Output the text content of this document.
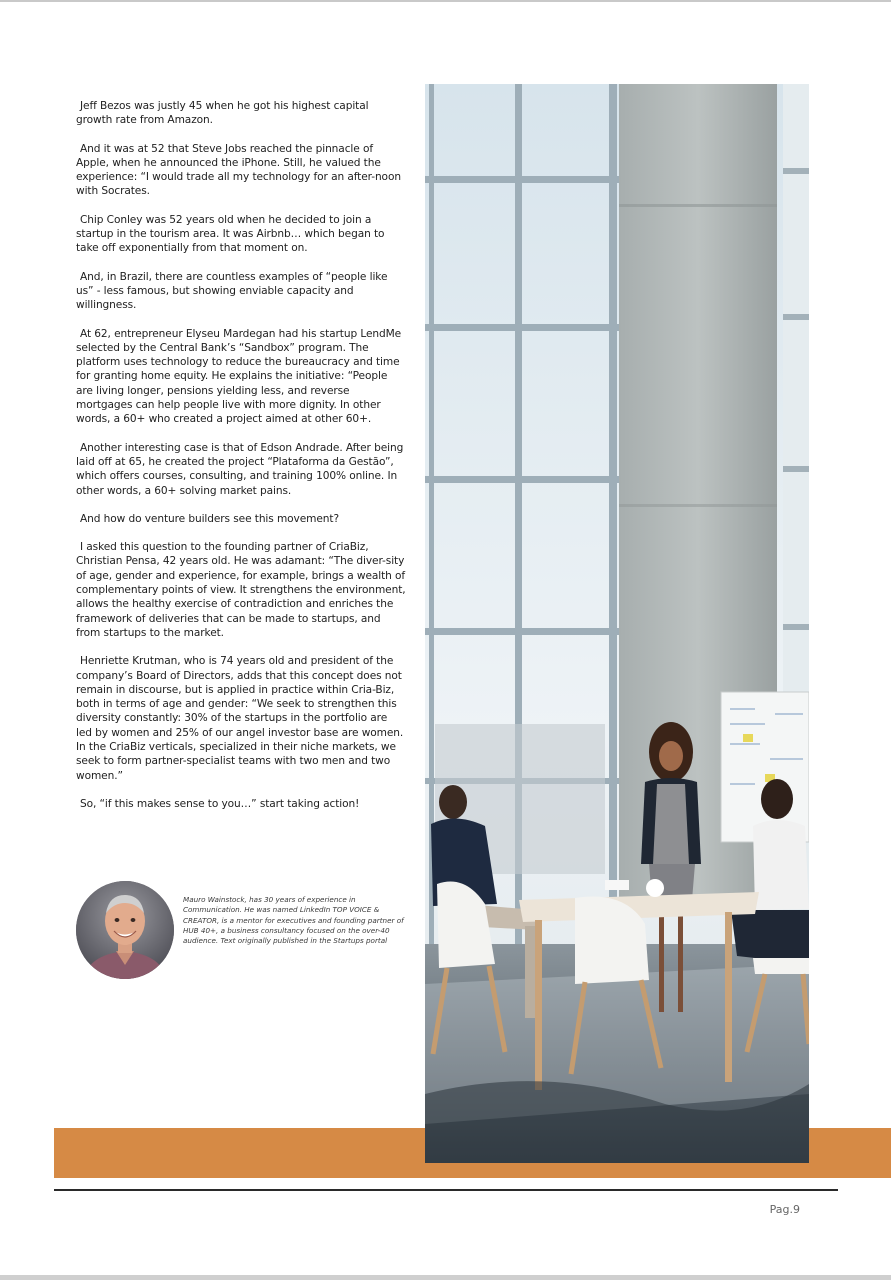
Jeff Bezos was justly 45 when he got his highest capital growth rate from Amazon.

And it was at 52 that Steve Jobs reached the pinnacle of Apple, when he announced the iPhone. Still, he valued the experience: “I would trade all my technology for an after-noon with Socrates.

Chip Conley was 52 years old when he decided to join a startup in the tourism area. It was Airbnb… which began to take off exponentially from that moment on.

And, in Brazil, there are countless examples of “people like us” - less famous, but showing enviable capacity and willingness.

At 62, entrepreneur Elyseu Mardegan had his startup LendMe selected by the Central Bank’s “Sandbox” program. The platform uses technology to reduce the bureaucracy and time for granting home equity. He explains the initiative: “People are living longer, pensions yielding less, and reverse mortgages can help people live with more dignity. In other words, a 60+ who created a project aimed at other 60+.

Another interesting case is that of Edson Andrade. After being laid off at 65, he created the project “Plataforma da Gestão”, which offers courses, consulting, and training 100% online. In other words, a 60+ solving market pains.

And how do venture builders see this movement?

I asked this question to the founding partner of CriaBiz, Christian Pensa, 42 years old. He was adamant: “The diver-sity of age, gender and experience, for example, brings a wealth of complementary points of view. It strengthens the environment, allows the healthy exercise of contradiction and enriches the framework of deliveries that can be made to startups, and from startups to the market.

Henriette Krutman, who is 74 years old and president of the company’s Board of Directors, adds that this concept does not remain in discourse, but is applied in practice within Cria-Biz, both in terms of age and gender: “We seek to strengthen this diversity constantly: 30% of the startups in the portfolio are led by women and 25% of our angel investor base are women. In the CriaBiz verticals, specialized in their niche markets, we seek to form partner-specialist teams with two men and two women.”

So, “if this makes sense to you…” start taking action!

Mauro Wainstock, has 30 years of experience in Communication. He was named LinkedIn TOP VOICE & CREATOR, is a mentor for executives and founding partner of HUB 40+, a business consultancy focused on the over-40 audience. Text originally published in the Startups portal
Pag.9
